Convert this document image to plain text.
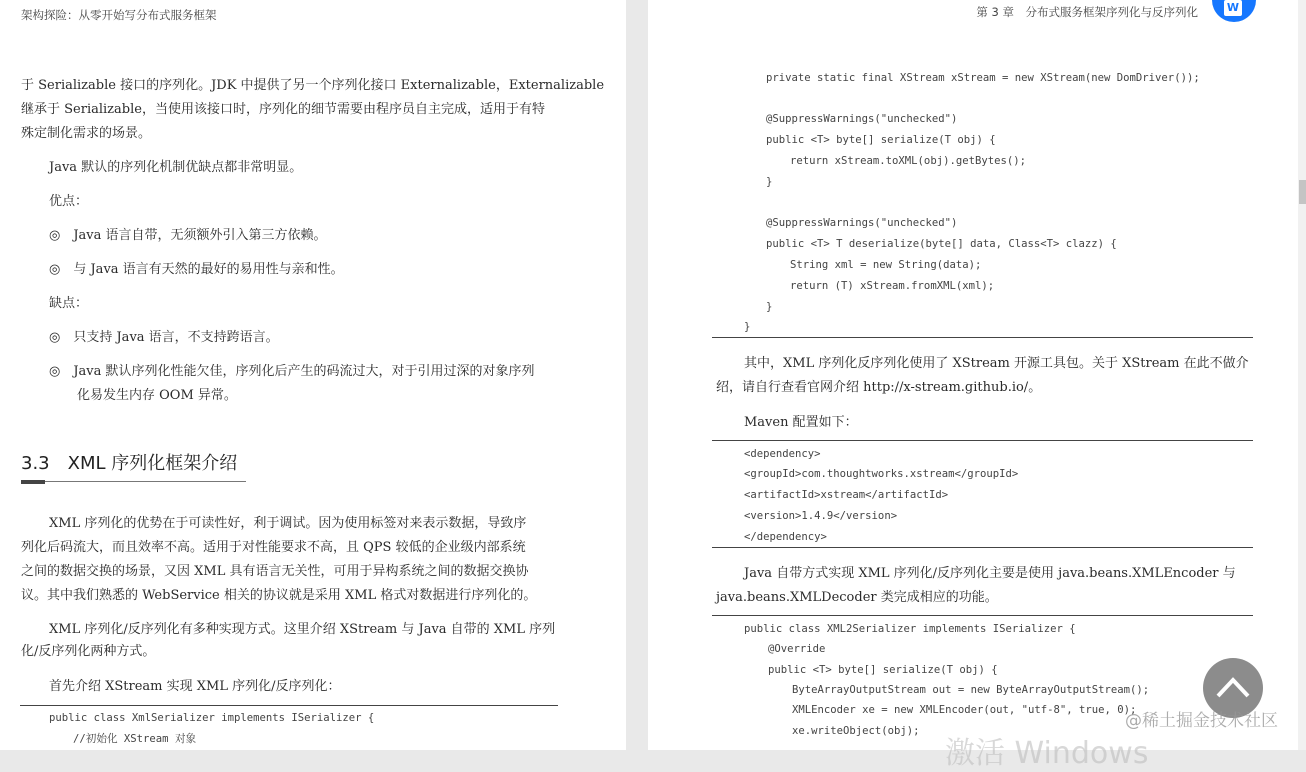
架构探险：从零开始写分布式服务框架
于 Serializable 接口的序列化。JDK 中提供了另一个序列化接口 Externalizable，Externalizable
继承于 Serializable，当使用该接口时，序列化的细节需要由程序员自主完成，适用于有特
殊定制化需求的场景。
Java 默认的序列化机制优缺点都非常明显。
优点：
◎　Java 语言自带，无须额外引入第三方依赖。
◎　与 Java 语言有天然的最好的易用性与亲和性。
缺点：
◎　只支持 Java 语言，不支持跨语言。
◎　Java 默认序列化性能欠佳，序列化后产生的码流过大，对于引用过深的对象序列
化易发生内存 OOM 异常。
3.3　XML 序列化框架介绍
XML 序列化的优势在于可读性好，利于调试。因为使用标签对来表示数据，导致序
列化后码流大，而且效率不高。适用于对性能要求不高，且 QPS 较低的企业级内部系统
之间的数据交换的场景，又因 XML 具有语言无关性，可用于异构系统之间的数据交换协
议。其中我们熟悉的 WebService 相关的协议就是采用 XML 格式对数据进行序列化的。
XML 序列化/反序列化有多种实现方式。这里介绍 XStream 与 Java 自带的 XML 序列
化/反序列化两种方式。
首先介绍 XStream 实现 XML 序列化/反序列化：
public class XmlSerializer implements ISerializer {
//初始化 XStream 对象
第 3 章　分布式服务框架序列化与反序列化
private static final XStream xStream = new XStream(new DomDriver());
@SuppressWarnings("unchecked")
public <T> byte[] serialize(T obj) {
return xStream.toXML(obj).getBytes();
}
@SuppressWarnings("unchecked")
public <T> T deserialize(byte[] data, Class<T> clazz) {
String xml = new String(data);
return (T) xStream.fromXML(xml);
}
}
其中，XML 序列化反序列化使用了 XStream 开源工具包。关于 XStream 在此不做介
绍，请自行查看官网介绍 http://x-stream.github.io/。
Maven 配置如下：
<dependency>
<groupId>com.thoughtworks.xstream</groupId>
<artifactId>xstream</artifactId>
<version>1.4.9</version>
</dependency>
Java 自带方式实现 XML 序列化/反序列化主要是使用 java.beans.XMLEncoder 与
java.beans.XMLDecoder 类完成相应的功能。
public class XML2Serializer implements ISerializer {
@Override
public <T> byte[] serialize(T obj) {
ByteArrayOutputStream out = new ByteArrayOutputStream();
XMLEncoder xe = new XMLEncoder(out, "utf-8", true, 0);
xe.writeObject(obj);
W
激活 Windows
@稀土掘金技术社区
